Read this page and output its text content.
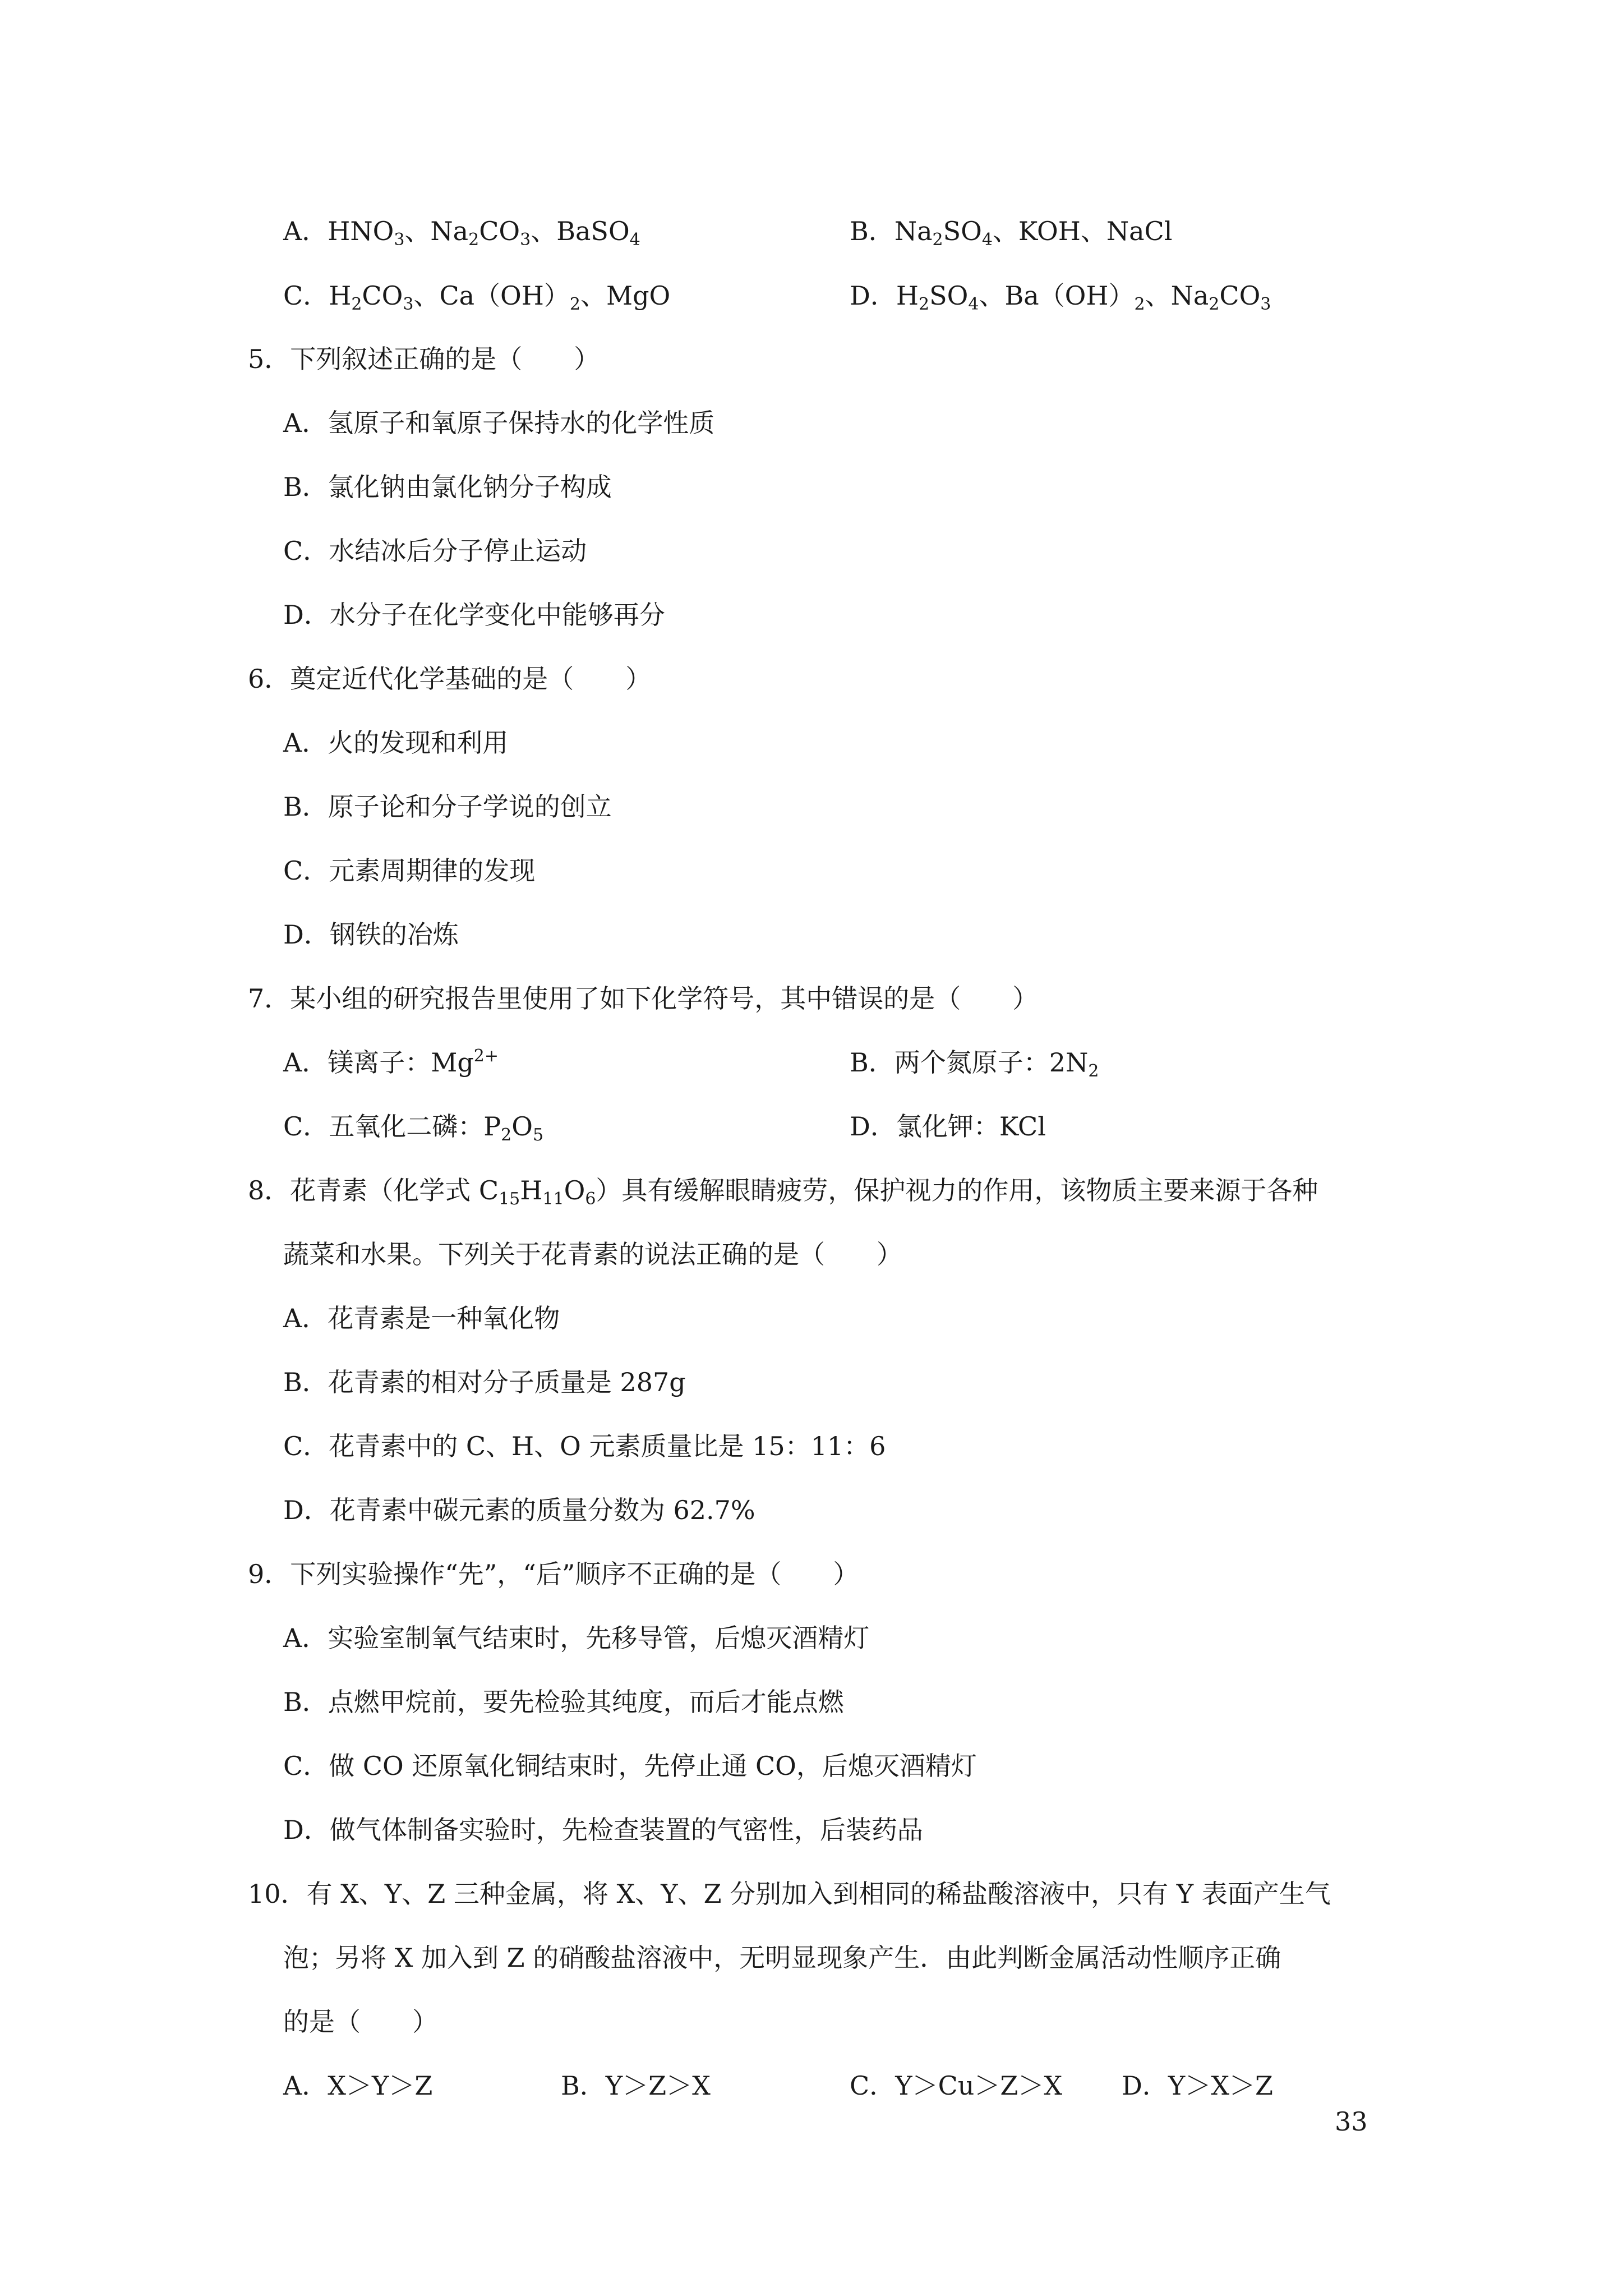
A．$HNO_3$、$Na_2CO_3$、BaSO$_4$	B．$Na_2SO_4$、KOH、NaCl
C．$H_2CO_3$、$Ca(OH)_2$、MgO	D．$H_2SO_4$、$Ba(OH)_2$、$Na_2CO_3$
5．下列叙述正确的是（　　）
A．氢原子和氧原子保持水的化学性质
B．氯化钠由氯化钠分子构成
C．水结冰后分子停止运动
D．水分子在化学变化中能够再分
6．奠定近代化学基础的是（　　）
A．火的发现和利用
B．原子论和分子学说的创立
C．元素周期律的发现
D．钢铁的冶炼
7．某小组的研究报告里使用了如下化学符号，其中错误的是（　　）
A．镁离子：$Mg^{2+}$	B．两个氮原子：$2N_2$
C．五氧化二磷：$P_2O_5$	D．氯化钾：KCl
8．花青素（化学式 $C_{15}H_{11}O_6$）具有缓解眼睛疲劳，保护视力的作用，该物质主要来源于各种
蔬菜和水果。下列关于花青素的说法正确的是（　　）
A．花青素是一种氧化物
B．花青素的相对分子质量是 287g
C．花青素中的 C、H、O 元素质量比是 15：11：6
D．花青素中碳元素的质量分数为 62.7%
9．下列实验操作“先”，“后”顺序不正确的是（　　）
A．实验室制氧气结束时，先移导管，后熄灭酒精灯
B．点燃甲烷前，要先检验其纯度，而后才能点燃
C．做 CO 还原氧化铜结束时，先停止通 CO，后熄灭酒精灯
D．做气体制备实验时，先检查装置的气密性，后装药品
10．有 X、Y、Z 三种金属，将 X、Y、Z 分别加入到相同的稀盐酸溶液中，只有 Y 表面产生气
泡；另将 X 加入到 Z 的硝酸盐溶液中，无明显现象产生．由此判断金属活动性顺序正确
的是（　　）
A．X＞Y＞Z	B．Y＞Z＞X	C．Y＞Cu＞Z＞X D．Y＞X＞Z
33
